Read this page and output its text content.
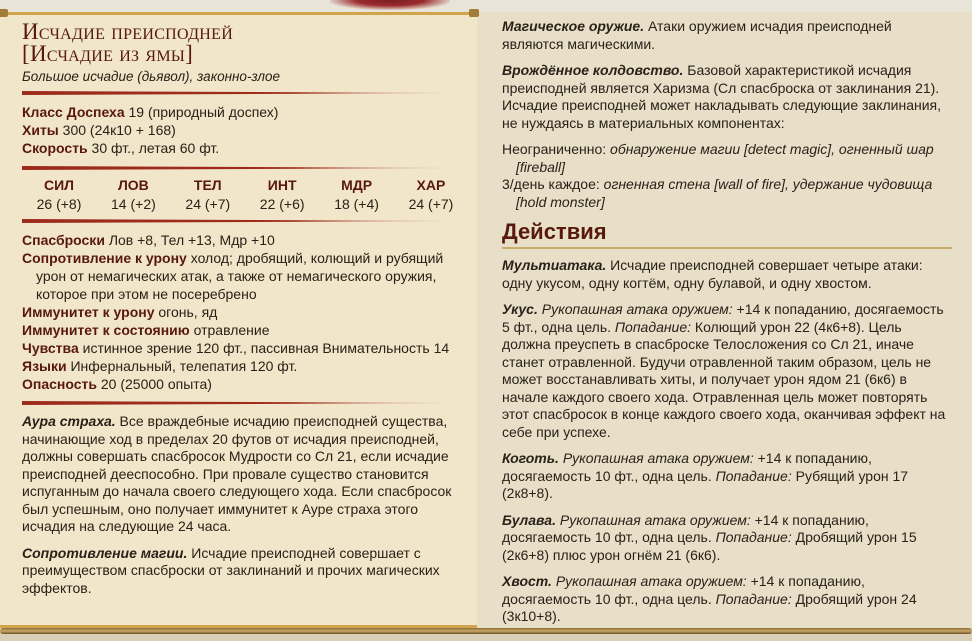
Исчадие преисподней
[Исчадие из ямы]
Большое исчадие (дьявол), законно-злое
Класс Доспеха 19 (природный доспех)
Хиты 300 (24к10 + 168)
Скорость 30 фт., летая 60 фт.
СИЛ
26 (+8)
ЛОВ
14 (+2)
ТЕЛ
24 (+7)
ИНТ
22 (+6)
МДР
18 (+4)
ХАР
24 (+7)
Спасброски Лов +8, Тел +13, Мдр +10
Сопротивление к урону холод; дробящий, колющий и рубящий урон от немагических атак, а также от немагического оружия, которое при этом не посеребрено
Иммунитет к урону огонь, яд
Иммунитет к состоянию отравление
Чувства истинное зрение 120 фт., пассивная Внимательность 14
Языки Инфернальный, телепатия 120 фт.
Опасность 20 (25000 опыта)
Аура страха. Все враждебные исчадию преисподней существа, начинающие ход в пределах 20 футов от исчадия преисподней, должны совершать спасбросок Мудрости со Сл 21, если исчадие преисподней дееспособно. При провале существо становится испуганным до начала своего следующего хода. Если спасбросок был успешным, оно получает иммунитет к Ауре страха этого исчадия на следующие 24 часа.
Сопротивление магии. Исчадие преисподней совершает с преимуществом спасброски от заклинаний и прочих магических эффектов.
Магическое оружие. Атаки оружием исчадия преисподней являются магическими.
Врождённое колдовство. Базовой характеристикой исчадия преисподней является Харизма (Сл спасброска от заклинания 21). Исчадие преисподней может накладывать следующие заклинания, не нуждаясь в материальных компонентах:
Неограниченно: обнаружение магии [detect magic], огненный шар [fireball]
3/день каждое: огненная стена [wall of fire], удержание чудовища [hold monster]
Действия
Мультиатака. Исчадие преисподней совершает четыре атаки: одну укусом, одну когтём, одну булавой, и одну хвостом.
Укус. Рукопашная атака оружием: +14 к попаданию, досягаемость 5 фт., одна цель. Попадание: Колющий урон 22 (4к6+8). Цель должна преуспеть в спасброске Телосложения со Сл 21, иначе станет отравленной. Будучи отравленной таким образом, цель не может восстанавливать хиты, и получает урон ядом 21 (6к6) в начале каждого своего хода. Отравленная цель может повторять этот спасбросок в конце каждого своего хода, оканчивая эффект на себе при успехе.
Коготь. Рукопашная атака оружием: +14 к попаданию, досягаемость 10 фт., одна цель. Попадание: Рубящий урон 17 (2к8+8).
Булава. Рукопашная атака оружием: +14 к попаданию, досягаемость 10 фт., одна цель. Попадание: Дробящий урон 15 (2к6+8) плюс урон огнём 21 (6к6).
Хвост. Рукопашная атака оружием: +14 к попаданию, досягаемость 10 фт., одна цель. Попадание: Дробящий урон 24 (3к10+8).
